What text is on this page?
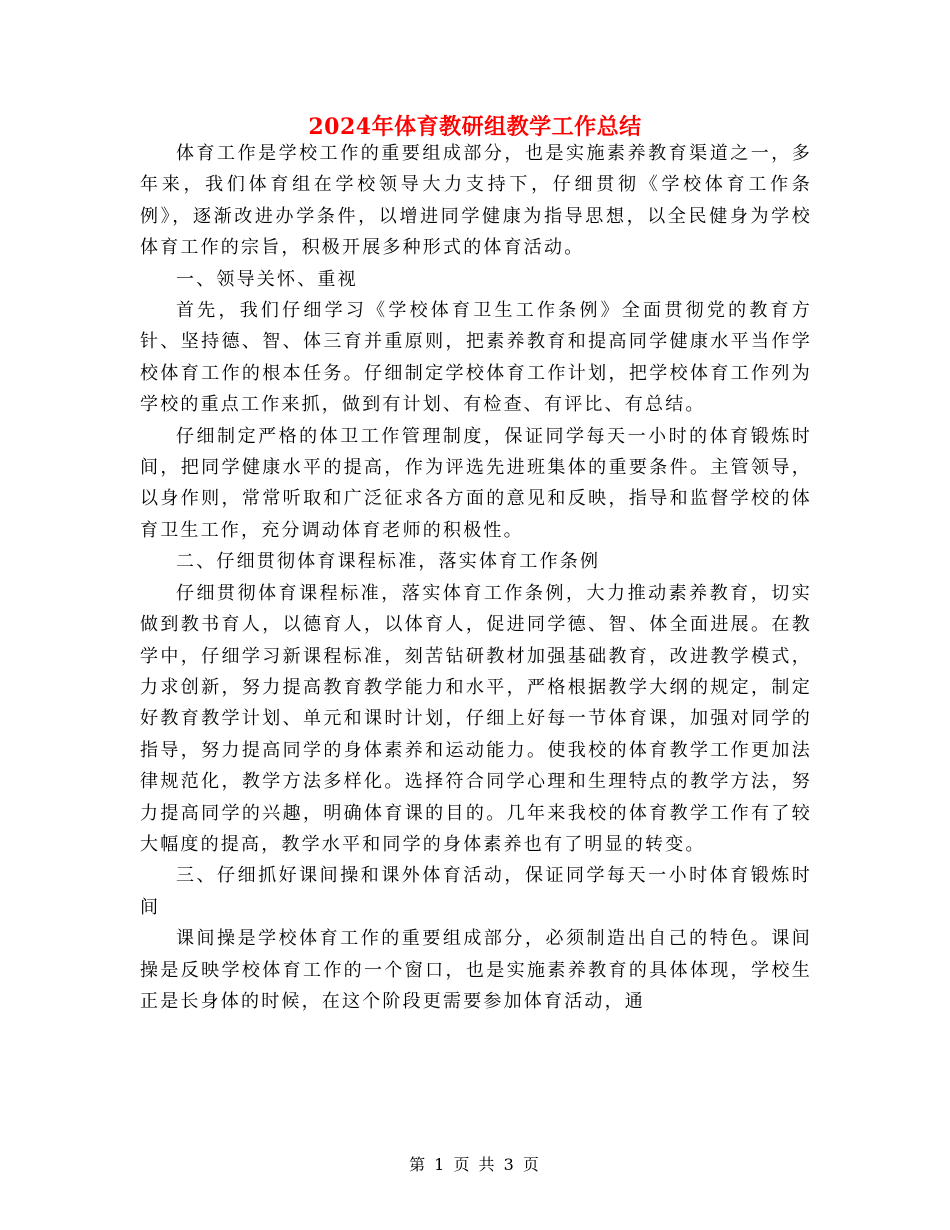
2024年体育教研组教学工作总结

体育工作是学校工作的重要组成部分，也是实施素养教育渠道之一，多年来，我们体育组在学校领导大力支持下，仔细贯彻《学校体育工作条例》，逐渐改进办学条件，以增进同学健康为指导思想，以全民健身为学校体育工作的宗旨，积极开展多种形式的体育活动。

一、领导关怀、重视

首先，我们仔细学习《学校体育卫生工作条例》全面贯彻党的教育方针、坚持德、智、体三育并重原则，把素养教育和提高同学健康水平当作学校体育工作的根本任务。仔细制定学校体育工作计划，把学校体育工作列为学校的重点工作来抓，做到有计划、有检查、有评比、有总结。

仔细制定严格的体卫工作管理制度，保证同学每天一小时的体育锻炼时间，把同学健康水平的提高，作为评选先进班集体的重要条件。主管领导，以身作则，常常听取和广泛征求各方面的意见和反映，指导和监督学校的体育卫生工作，充分调动体育老师的积极性。

二、仔细贯彻体育课程标准，落实体育工作条例

仔细贯彻体育课程标准，落实体育工作条例，大力推动素养教育，切实做到教书育人，以德育人，以体育人，促进同学德、智、体全面进展。在教学中，仔细学习新课程标准，刻苦钻研教材加强基础教育，改进教学模式，力求创新，努力提高教育教学能力和水平，严格根据教学大纲的规定，制定好教育教学计划、单元和课时计划，仔细上好每一节体育课，加强对同学的指导，努力提高同学的身体素养和运动能力。使我校的体育教学工作更加法律规范化，教学方法多样化。选择符合同学心理和生理特点的教学方法，努力提高同学的兴趣，明确体育课的目的。几年来我校的体育教学工作有了较大幅度的提高，教学水平和同学的身体素养也有了明显的转变。

三、仔细抓好课间操和课外体育活动，保证同学每天一小时体育锻炼时间

课间操是学校体育工作的重要组成部分，必须制造出自己的特色。课间操是反映学校体育工作的一个窗口，也是实施素养教育的具体体现，学校生正是长身体的时候，在这个阶段更需要参加体育活动，通

第 1 页 共 3 页
